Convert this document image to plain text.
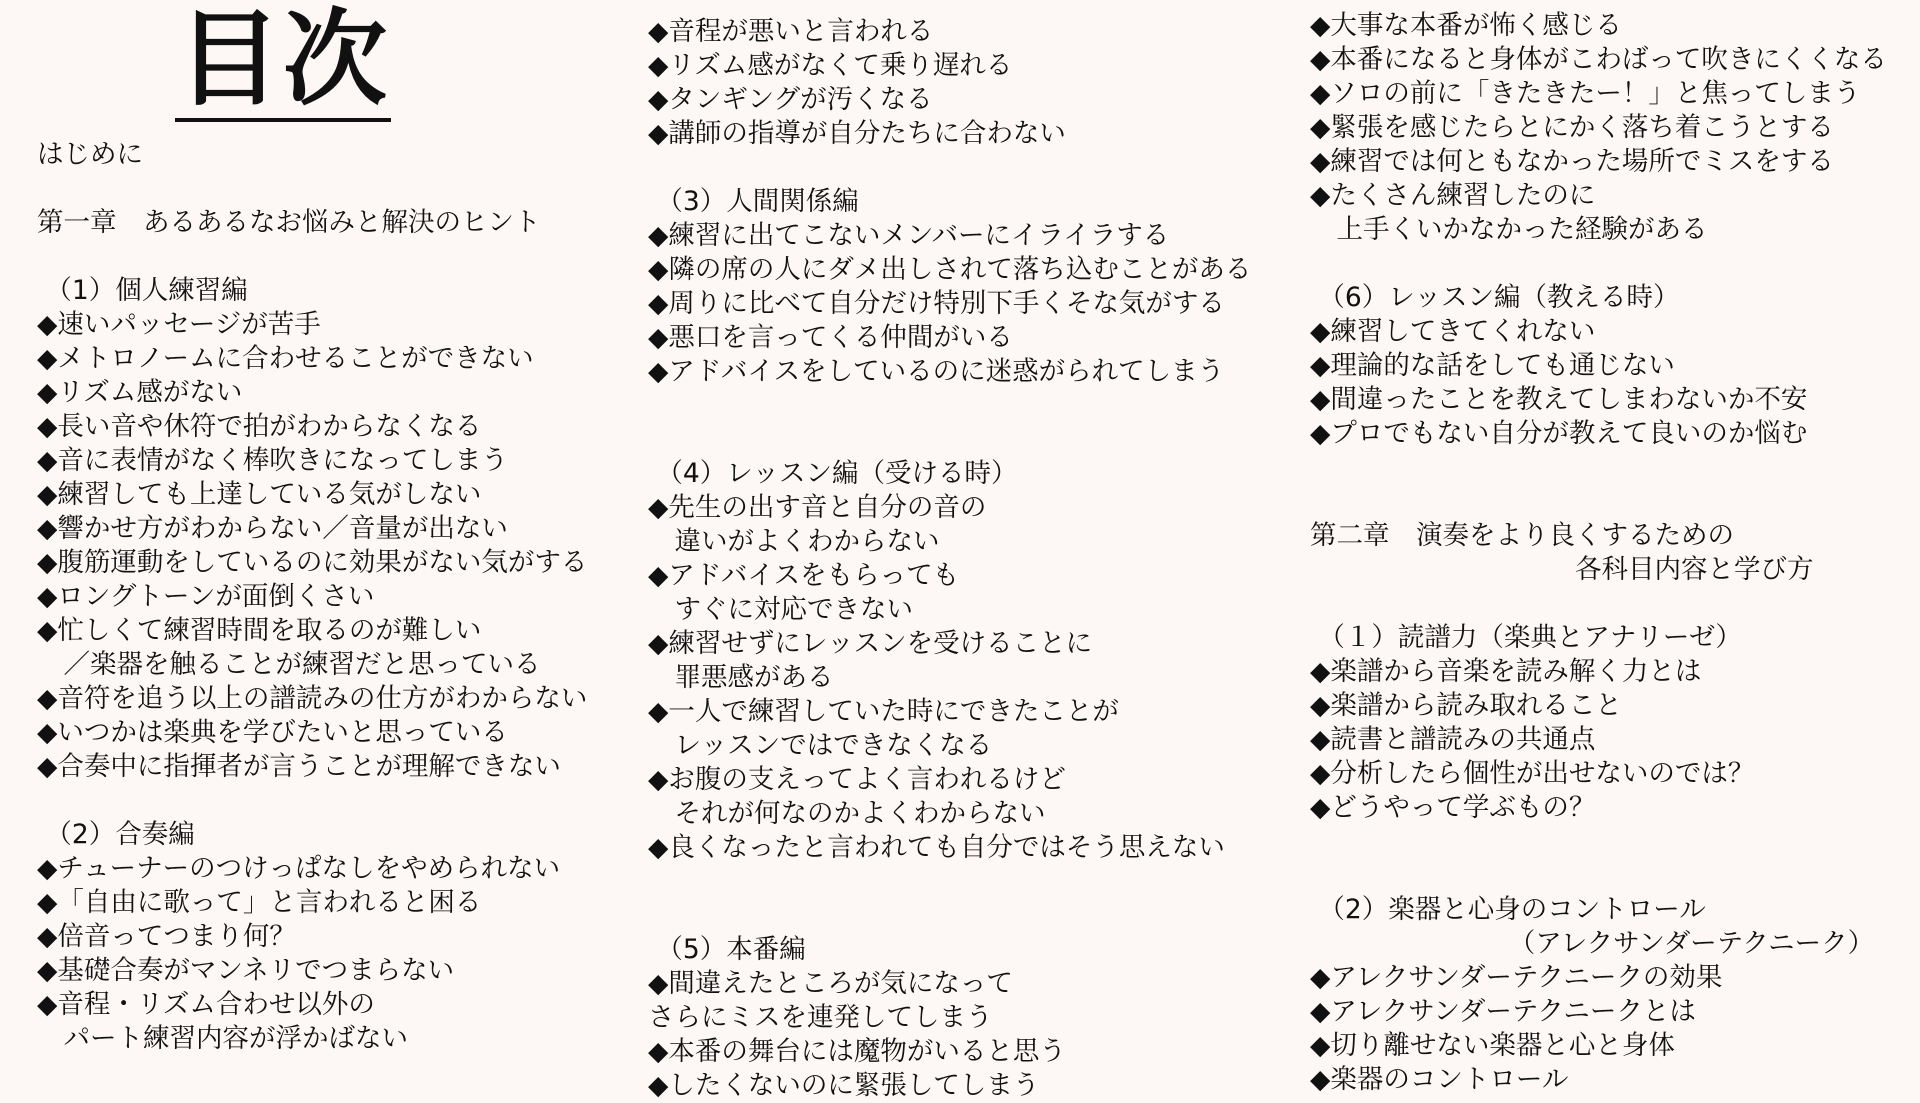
目次
はじめに
第一章　あるあるなお悩みと解決のヒント
（1）個人練習編
◆速いパッセージが苦手
◆メトロノームに合わせることができない
◆リズム感がない
◆長い音や休符で拍がわからなくなる
◆音に表情がなく棒吹きになってしまう
◆練習しても上達している気がしない
◆響かせ方がわからない／音量が出ない
◆腹筋運動をしているのに効果がない気がする
◆ロングトーンが面倒くさい
◆忙しくて練習時間を取るのが難しい
　／楽器を触ることが練習だと思っている
◆音符を追う以上の譜読みの仕方がわからない
◆いつかは楽典を学びたいと思っている
◆合奏中に指揮者が言うことが理解できない
（2）合奏編
◆チューナーのつけっぱなしをやめられない
◆「自由に歌って」と言われると困る
◆倍音ってつまり何？
◆基礎合奏がマンネリでつまらない
◆音程・リズム合わせ以外の
　パート練習内容が浮かばない
◆音程が悪いと言われる
◆リズム感がなくて乗り遅れる
◆タンギングが汚くなる
◆講師の指導が自分たちに合わない
（3）人間関係編
◆練習に出てこないメンバーにイライラする
◆隣の席の人にダメ出しされて落ち込むことがある
◆周りに比べて自分だけ特別下手くそな気がする
◆悪口を言ってくる仲間がいる
◆アドバイスをしているのに迷惑がられてしまう
（4）レッスン編（受ける時）
◆先生の出す音と自分の音の
　違いがよくわからない
◆アドバイスをもらっても
　すぐに対応できない
◆練習せずにレッスンを受けることに
　罪悪感がある
◆一人で練習していた時にできたことが
　レッスンではできなくなる
◆お腹の支えってよく言われるけど
　それが何なのかよくわからない
◆良くなったと言われても自分ではそう思えない
（5）本番編
◆間違えたところが気になって
さらにミスを連発してしまう
◆本番の舞台には魔物がいると思う
◆したくないのに緊張してしまう
◆大事な本番が怖く感じる
◆本番になると身体がこわばって吹きにくくなる
◆ソロの前に「きたきたー！」と焦ってしまう
◆緊張を感じたらとにかく落ち着こうとする
◆練習では何ともなかった場所でミスをする
◆たくさん練習したのに
　上手くいかなかった経験がある
（6）レッスン編（教える時）
◆練習してきてくれない
◆理論的な話をしても通じない
◆間違ったことを教えてしまわないか不安
◆プロでもない自分が教えて良いのか悩む
第二章　演奏をより良くするための
　　　　　　　　　　各科目内容と学び方
（１）読譜力（楽典とアナリーゼ）
◆楽譜から音楽を読み解く力とは
◆楽譜から読み取れること
◆読書と譜読みの共通点
◆分析したら個性が出せないのでは？
◆どうやって学ぶもの？
（2）楽器と心身のコントロール
　　　　　　　　（アレクサンダーテクニーク）
◆アレクサンダーテクニークの効果
◆アレクサンダーテクニークとは
◆切り離せない楽器と心と身体
◆楽器のコントロール
